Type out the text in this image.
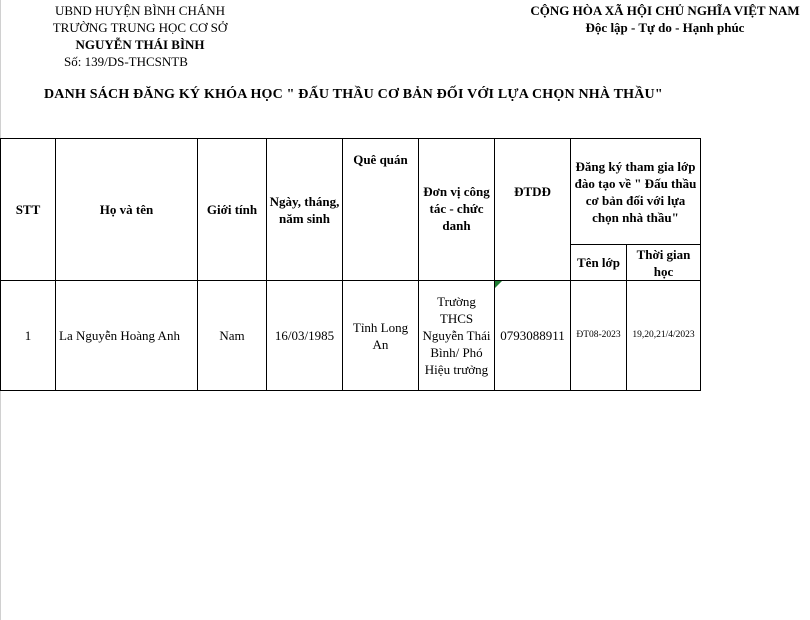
UBND HUYỆN BÌNH CHÁNH
TRƯỜNG TRUNG HỌC CƠ SỞ
NGUYỄN THÁI BÌNH
Số: 139/DS-THCSNTB
CỘNG HÒA XÃ HỘI CHỦ NGHĨA VIỆT NAM
Độc lập - Tự do - Hạnh phúc
DANH SÁCH ĐĂNG KÝ KHÓA HỌC " ĐẤU THẦU CƠ BẢN ĐỐI VỚI LỰA CHỌN NHÀ THẦU"
STT	Họ và tên	Giới tính	Ngày, tháng, năm sinh	Quê quán	Đơn vị công tác - chức danh	ĐTDĐ	Đăng ký tham gia lớp đào tạo về " Đấu thầu cơ bản đối với lựa chọn nhà thầu"	
							Tên lớp	Thời gian học
1	La Nguyễn Hoàng Anh	Nam	16/03/1985	Tỉnh Long An	Trường THCS Nguyễn Thái Bình/ Phó Hiệu trưởng	0793088911	ĐT08-2023	19,20,21/4/2023
